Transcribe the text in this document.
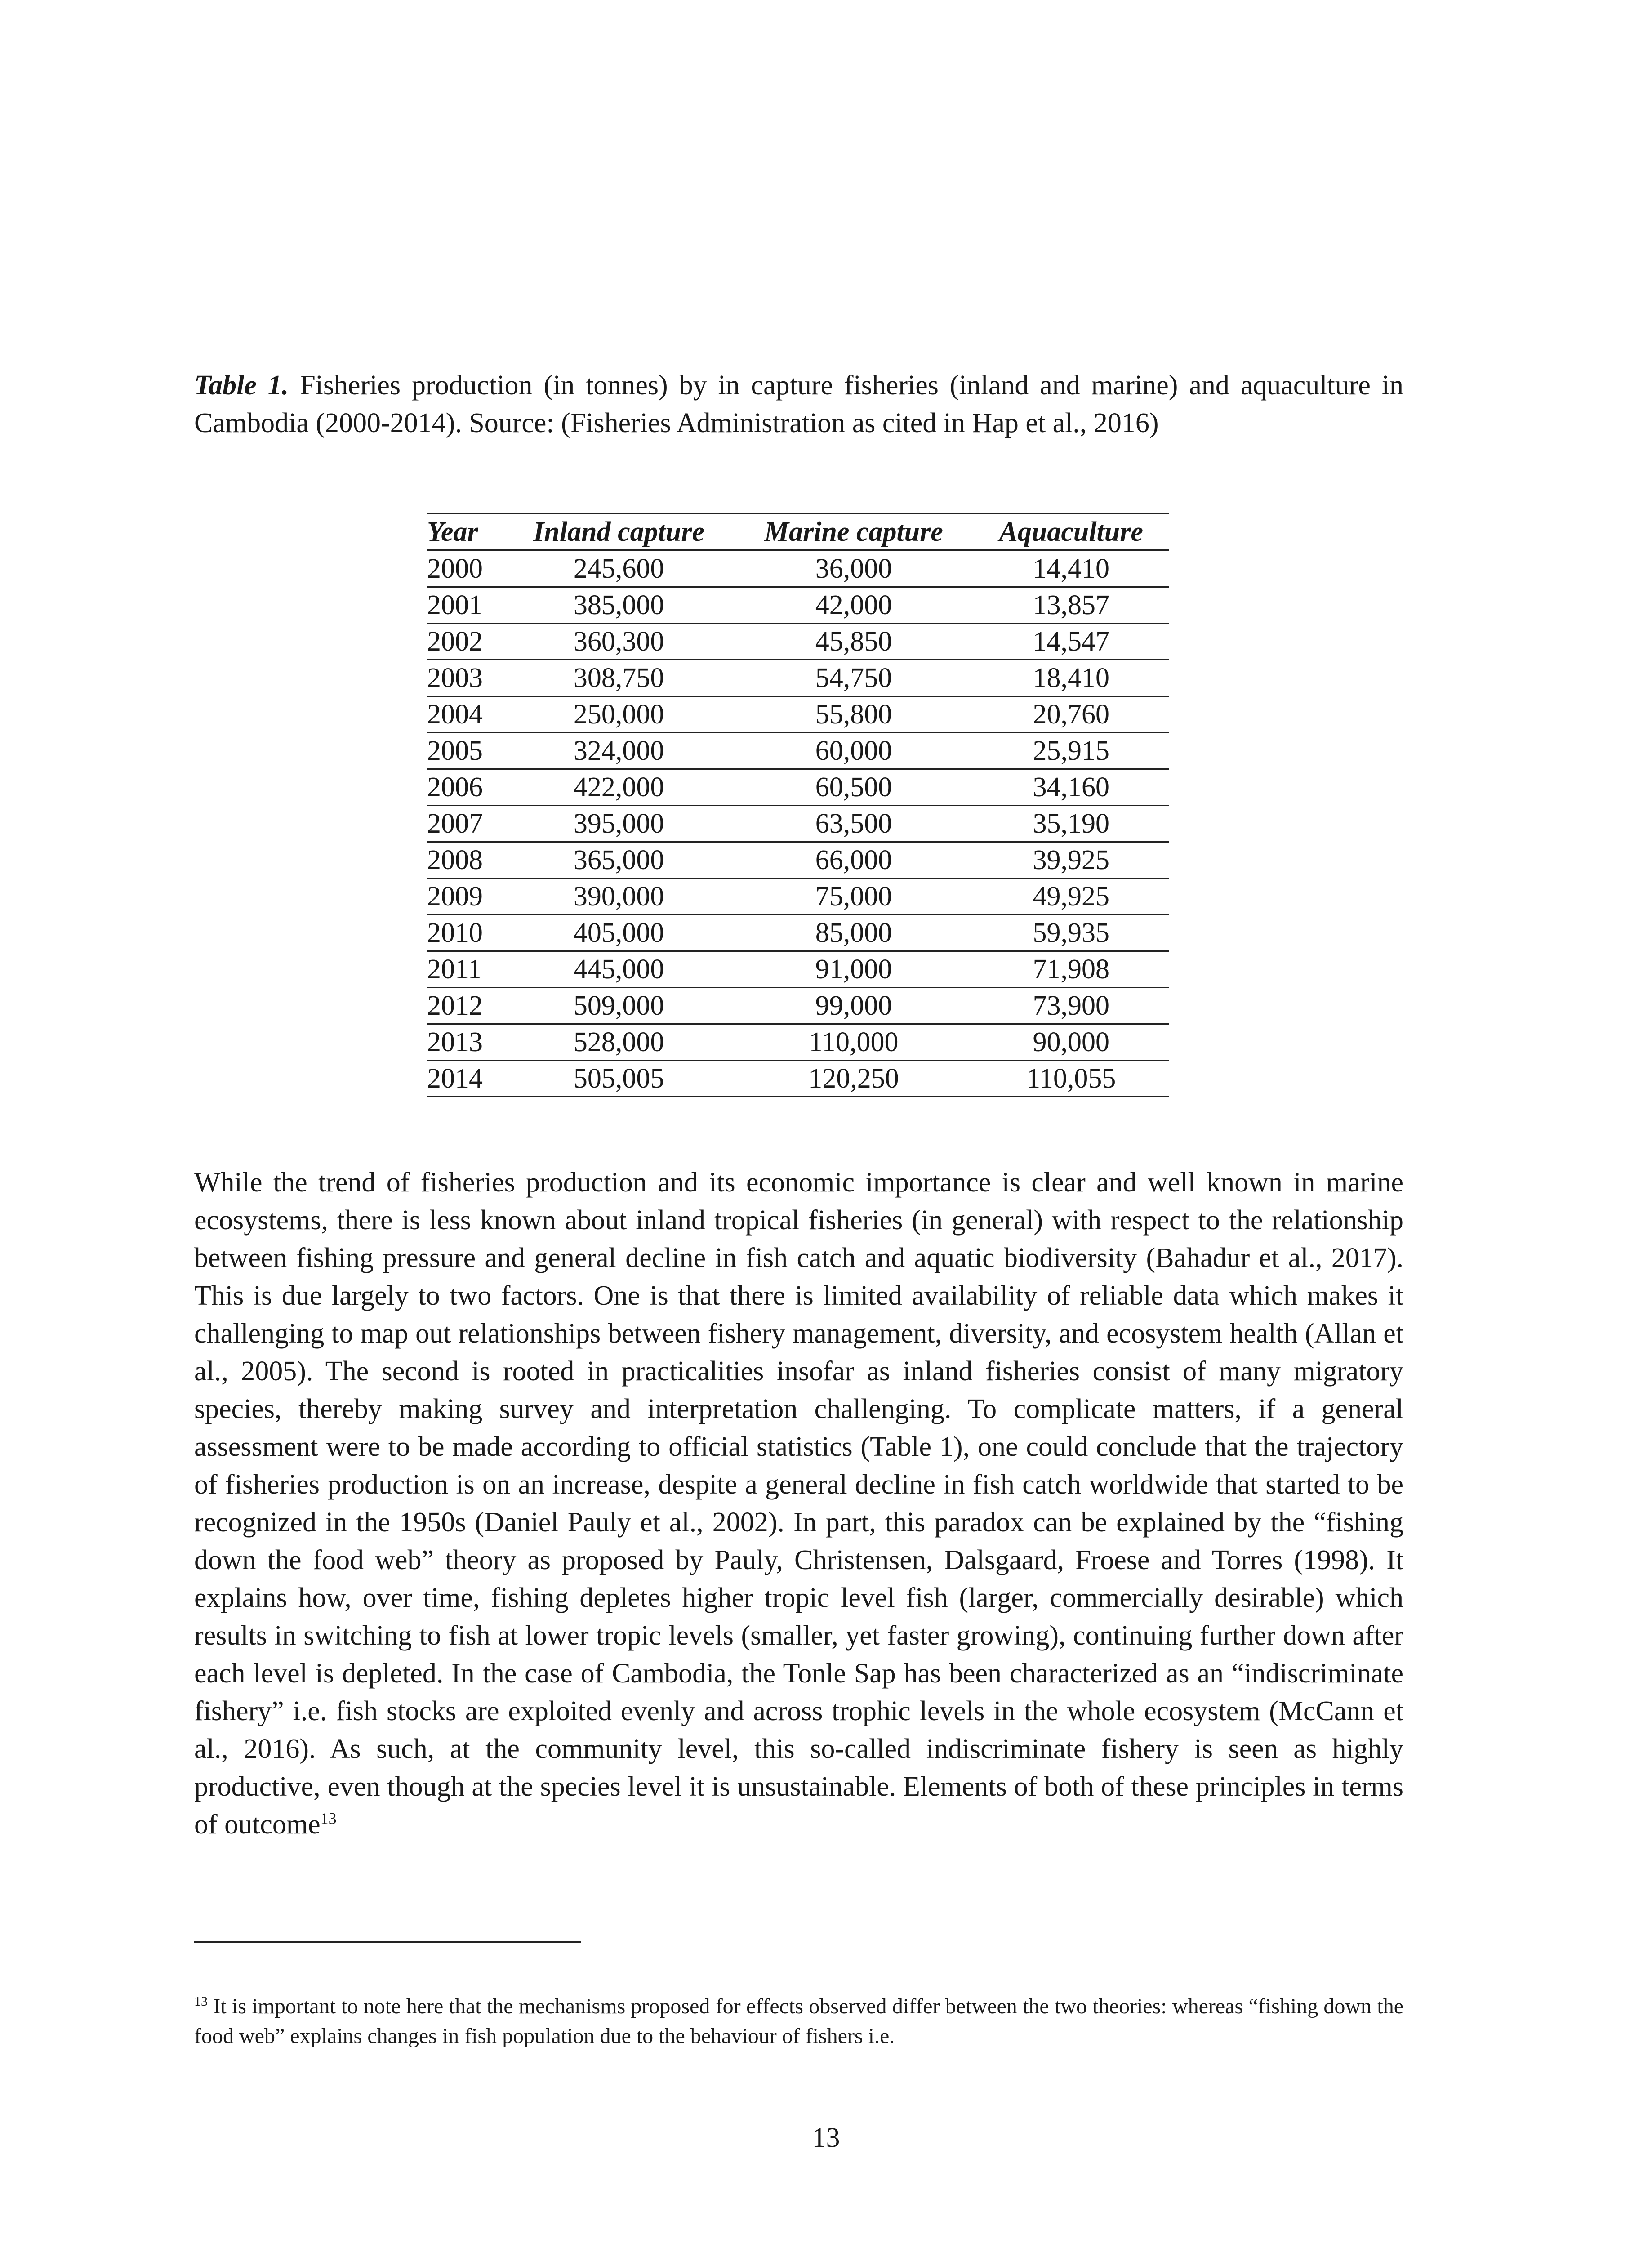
Table 1. Fisheries production (in tonnes) by in capture fisheries (inland and marine) and aquaculture in Cambodia (2000-2014). Source: (Fisheries Administration as cited in Hap et al., 2016)
Year	Inland capture	Marine capture	Aquaculture
2000	245,600	36,000	14,410
2001	385,000	42,000	13,857
2002	360,300	45,850	14,547
2003	308,750	54,750	18,410
2004	250,000	55,800	20,760
2005	324,000	60,000	25,915
2006	422,000	60,500	34,160
2007	395,000	63,500	35,190
2008	365,000	66,000	39,925
2009	390,000	75,000	49,925
2010	405,000	85,000	59,935
2011	445,000	91,000	71,908
2012	509,000	99,000	73,900
2013	528,000	110,000	90,000
2014	505,005	120,250	110,055

While the trend of fisheries production and its economic importance is clear and well known in marine ecosystems, there is less known about inland tropical fisheries (in general) with respect to the relationship between fishing pressure and general decline in fish catch and aquatic biodiversity (Bahadur et al., 2017). This is due largely to two factors. One is that there is limited availability of reliable data which makes it challenging to map out relationships between fishery management, diversity, and ecosystem health (Allan et al., 2005). The second is rooted in practicalities insofar as inland fisheries consist of many migratory species, thereby making survey and interpretation challenging. To complicate matters, if a general assessment were to be made according to official statistics (Table 1), one could conclude that the trajectory of fisheries production is on an increase, despite a general decline in fish catch worldwide that started to be recognized in the 1950s (Daniel Pauly et al., 2002). In part, this paradox can be explained by the “fishing down the food web” theory as proposed by Pauly, Christensen, Dalsgaard, Froese and Torres (1998). It explains how, over time, fishing depletes higher tropic level fish (larger, commercially desirable) which results in switching to fish at lower tropic levels (smaller, yet faster growing), continuing further down after each level is depleted. In the case of Cambodia, the Tonle Sap has been characterized as an “indiscriminate fishery” i.e. fish stocks are exploited evenly and across trophic levels in the whole ecosystem (McCann et al., 2016). As such, at the community level, this so-called indiscriminate fishery is seen as highly productive, even though at the species level it is unsustainable. Elements of both of these principles in terms of outcome$^{13}$

$^{13}$ It is important to note here that the mechanisms proposed for effects observed differ between the two theories: whereas “fishing down the food web” explains changes in fish population due to the behaviour of fishers i.e.

13
